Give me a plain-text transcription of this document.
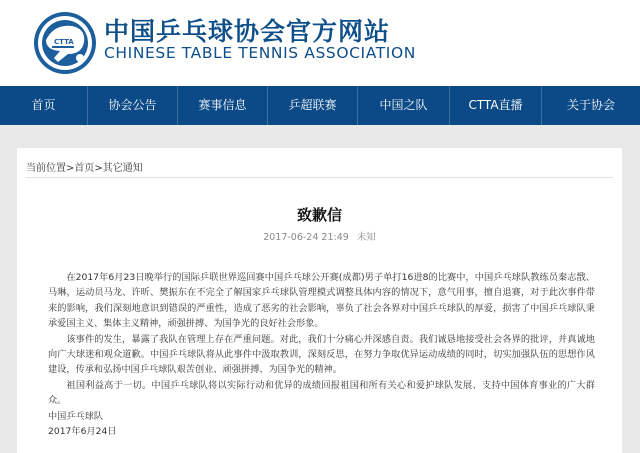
CTTA 中国乒乓球协会官方网站
CHINESE TABLE TENNIS ASSOCIATION
首页	协会公告	赛事信息	乒超联赛	中国之队	CTTA直播	关于协会
当前位置>首页>其它通知
致歉信
2017-06-24 21:49 未知

在2017年6月23日晚举行的国际乒联世界巡回赛中国乒乓球公开赛(成都)男子单打16进8的比赛中，中国乒乓球队教练员秦志戬、马琳，运动员马龙、许昕、樊振东在不完全了解国家乒乓球队管理模式调整具体内容的情况下，意气用事，擅自退赛，对于此次事件带来的影响，我们深刻地意识到错误的严重性，造成了恶劣的社会影响，辜负了社会各界对中国乒乓球队的厚爱，损害了中国乒乓球队秉承爱国主义、集体主义精神，顽强拼搏、为国争光的良好社会形象。

该事件的发生，暴露了我队在管理上存在严重问题。对此，我们十分痛心并深感自责。我们诚恳地接受社会各界的批评，并真诚地向广大球迷和观众道歉。中国乒乓球队将从此事件中汲取教训，深刻反思，在努力争取优异运动成绩的同时，切实加强队伍的思想作风建设，传承和弘扬中国乒乓球队艰苦创业、顽强拼搏、为国争光的精神。

祖国利益高于一切。中国乒乓球队将以实际行动和优异的成绩回报祖国和所有关心和爱护球队发展、支持中国体育事业的广大群众。

中国乒乓球队

2017年6月24日
